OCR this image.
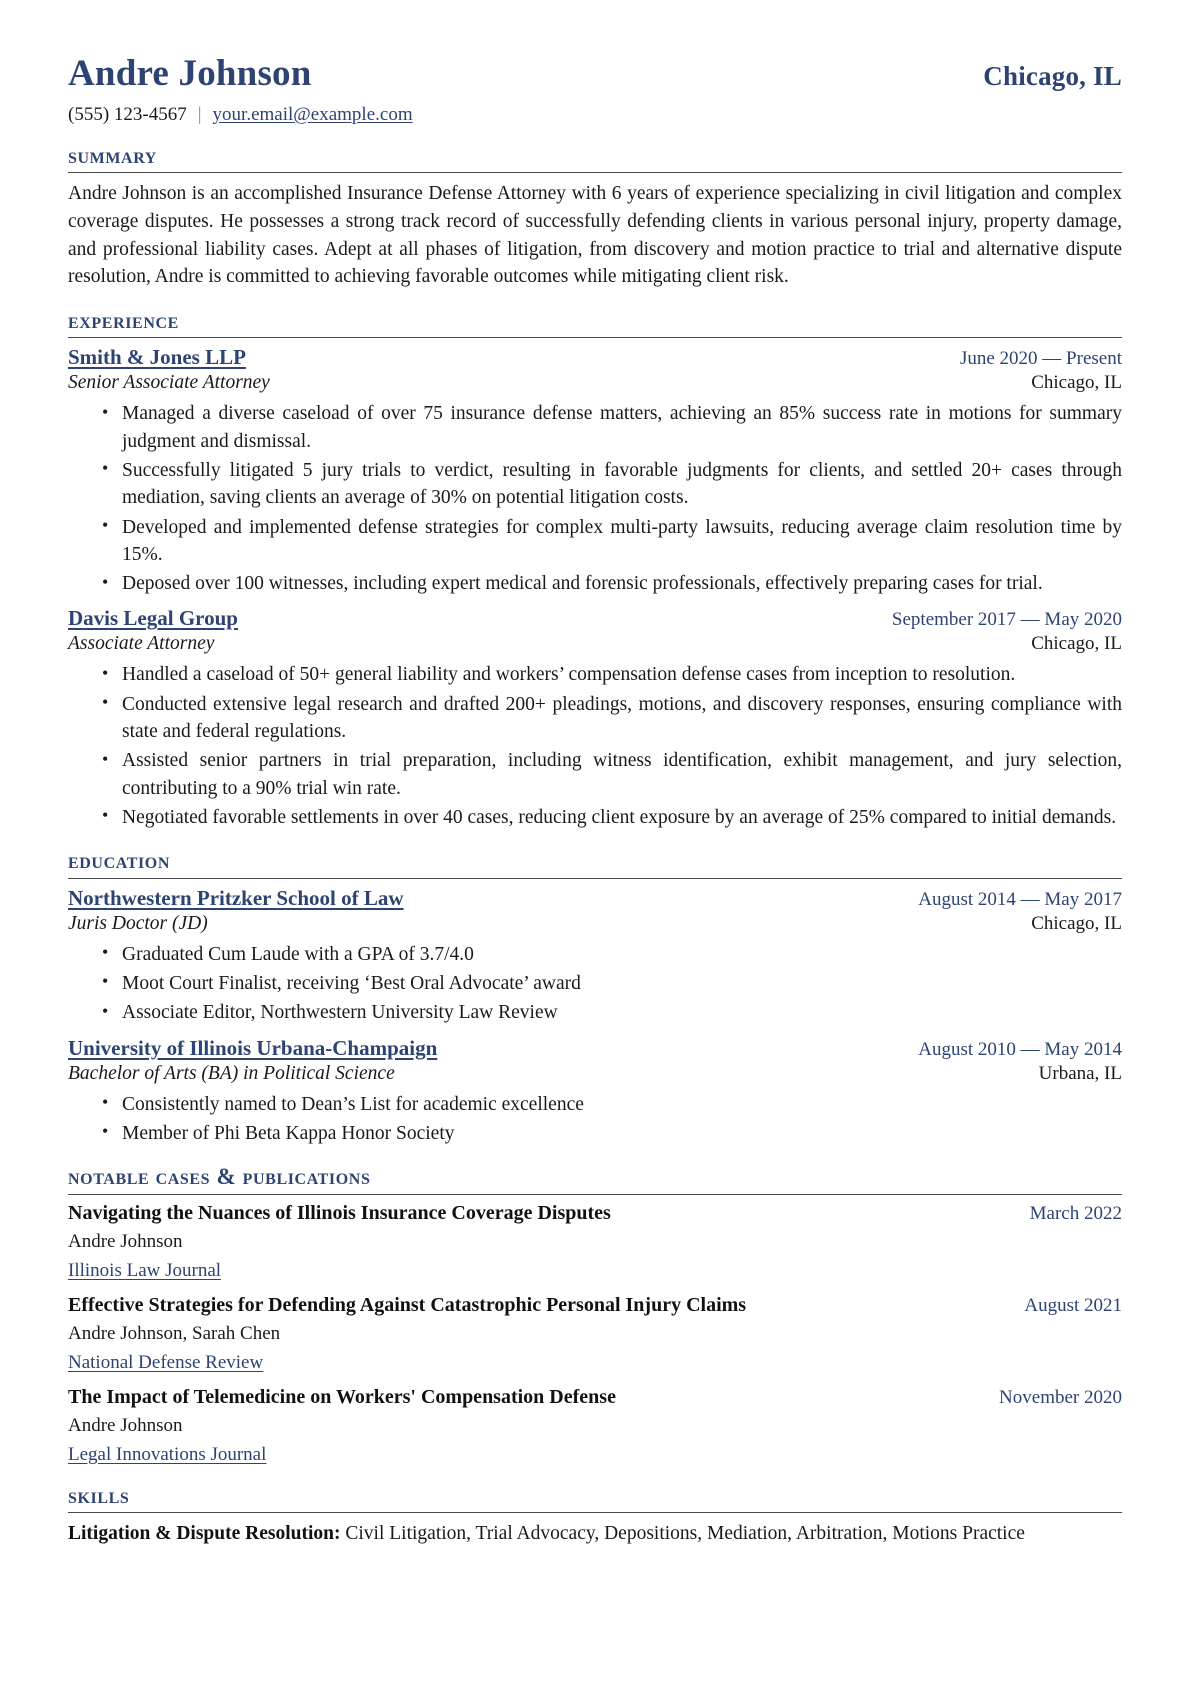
Andre Johnson	Chicago, IL
(555) 123-4567 | your.email@example.com
summary

Andre Johnson is an accomplished Insurance Defense Attorney with 6 years of experience specializing in civil litigation and complex coverage disputes. He possesses a strong track record of successfully defending clients in various personal injury, property damage, and professional liability cases. Adept at all phases of litigation, from discovery and motion practice to trial and alternative dispute resolution, Andre is committed to achieving favorable outcomes while mitigating client risk.

experience
Smith & Jones LLP	June 2020 — Present
Senior Associate Attorney	Chicago, IL
• Managed a diverse caseload of over 75 insurance defense matters, achieving an 85% success rate in motions for summary judgment and dismissal.
• Successfully litigated 5 jury trials to verdict, resulting in favorable judgments for clients, and settled 20+ cases through mediation, saving clients an average of 30% on potential litigation costs.
• Developed and implemented defense strategies for complex multi-party lawsuits, reducing average claim resolution time by 15%.
• Deposed over 100 witnesses, including expert medical and forensic professionals, effectively preparing cases for trial.
Davis Legal Group	September 2017 — May 2020
Associate Attorney	Chicago, IL
• Handled a caseload of 50+ general liability and workers’ compensation defense cases from inception to resolution.
• Conducted extensive legal research and drafted 200+ pleadings, motions, and discovery responses, ensuring compliance with state and federal regulations.
• Assisted senior partners in trial preparation, including witness identification, exhibit management, and jury selection, contributing to a 90% trial win rate.
• Negotiated favorable settlements in over 40 cases, reducing client exposure by an average of 25% compared to initial demands.
education
Northwestern Pritzker School of Law	August 2014 — May 2017
Juris Doctor (JD)	Chicago, IL
• Graduated Cum Laude with a GPA of 3.7/4.0
• Moot Court Finalist, receiving ‘Best Oral Advocate’ award
• Associate Editor, Northwestern University Law Review
University of Illinois Urbana-Champaign	August 2010 — May 2014
Bachelor of Arts (BA) in Political Science	Urbana, IL
• Consistently named to Dean’s List for academic excellence
• Member of Phi Beta Kappa Honor Society
notable cases & publications
Navigating the Nuances of Illinois Insurance Coverage Disputes	March 2022
Andre Johnson
Illinois Law Journal
Effective Strategies for Defending Against Catastrophic Personal Injury Claims	August 2021
Andre Johnson, Sarah Chen
National Defense Review
The Impact of Telemedicine on Workers' Compensation Defense	November 2020
Andre Johnson
Legal Innovations Journal
skills
Litigation & Dispute Resolution: Civil Litigation, Trial Advocacy, Depositions, Mediation, Arbitration, Motions Practice
